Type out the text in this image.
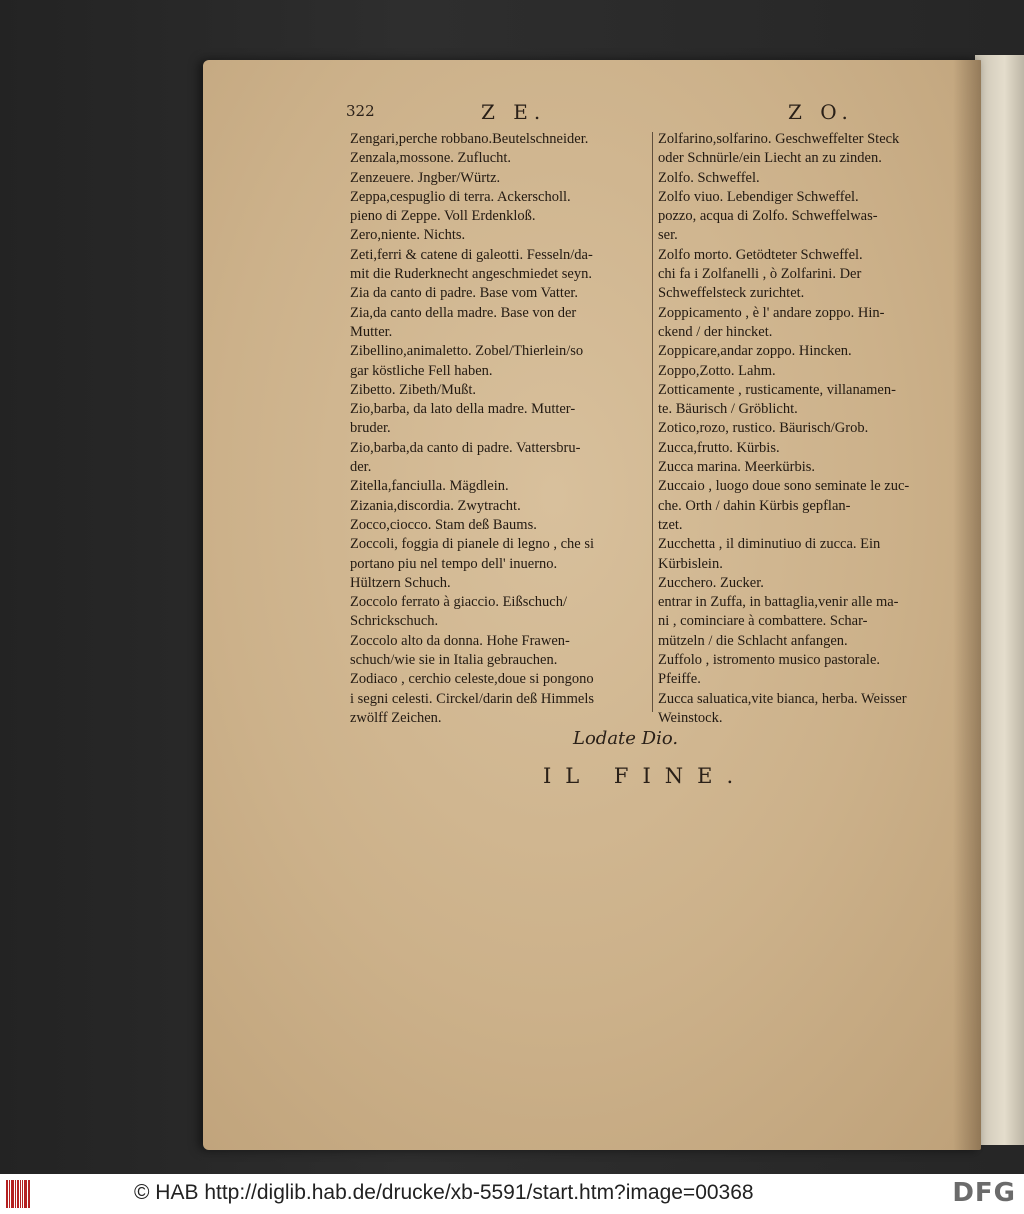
322	Z E.	Z O.
Zengari,perche robbano.Beutelschneider.
Zenzala,mossone. Zuflucht.
Zenzeuere. Jngber/Würtz.
Zeppa,cespuglio di terra. Ackerscholl.
pieno di Zeppe. Voll Erdenkloß.
Zero,niente. Nichts.
Zeti,ferri & catene di galeotti. Fesseln/da-
mit die Ruderknecht angeschmiedet seyn.
Zia da canto di padre. Base vom Vatter.
Zia,da canto della madre. Base von der
Mutter.
Zibellino,animaletto. Zobel/Thierlein/so
gar köstliche Fell haben.
Zibetto. Zibeth/Mußt.
Zio,barba, da lato della madre. Mutter-
bruder.
Zio,barba,da canto di padre. Vattersbru-
der.
Zitella,fanciulla. Mägdlein.
Zizania,discordia. Zwytracht.
Zocco,ciocco. Stam deß Baums.
Zoccoli, foggia di pianele di legno , che si
portano piu nel tempo dell' inuerno.
Hültzern Schuch.
Zoccolo ferrato à giaccio. Eißschuch/
Schrickschuch.
Zoccolo alto da donna. Hohe Frawen-
schuch/wie sie in Italia gebrauchen.
Zodiaco , cerchio celeste,doue si pongono
i segni celesti. Circkel/darin deß Himmels
zwölff Zeichen.
Zolfarino,solfarino. Geschweffelter Steck
oder Schnürle/ein Liecht an zu zinden.
Zolfo. Schweffel.
Zolfo viuo. Lebendiger Schweffel.
pozzo, acqua di Zolfo. Schweffelwas-
ser.
Zolfo morto. Getödteter Schweffel.
chi fa i Zolfanelli , ò Zolfarini. Der
Schweffelsteck zurichtet.
Zoppicamento , è l' andare zoppo. Hin-
ckend / der hincket.
Zoppicare,andar zoppo. Hincken.
Zoppo,Zotto. Lahm.
Zotticamente , rusticamente, villanamen-
te. Bäurisch / Gröblicht.
Zotico,rozo, rustico. Bäurisch/Grob.
Zucca,frutto. Kürbis.
Zucca marina. Meerkürbis.
Zuccaio , luogo doue sono seminate le zuc-
che. Orth / dahin Kürbis gepflan-
tzet.
Zucchetta , il diminutiuo di zucca. Ein
Kürbislein.
Zucchero. Zucker.
entrar in Zuffa, in battaglia,venir alle ma-
ni , cominciare à combattere. Schar-
mützeln / die Schlacht anfangen.
Zuffolo , istromento musico pastorale.
Pfeiffe.
Zucca saluatica,vite bianca, herba. Weisser
Weinstock.
Lodate Dio.
IL FINE.
© HAB http://diglib.hab.de/drucke/xb-5591/start.htm?image=00368	DFG
